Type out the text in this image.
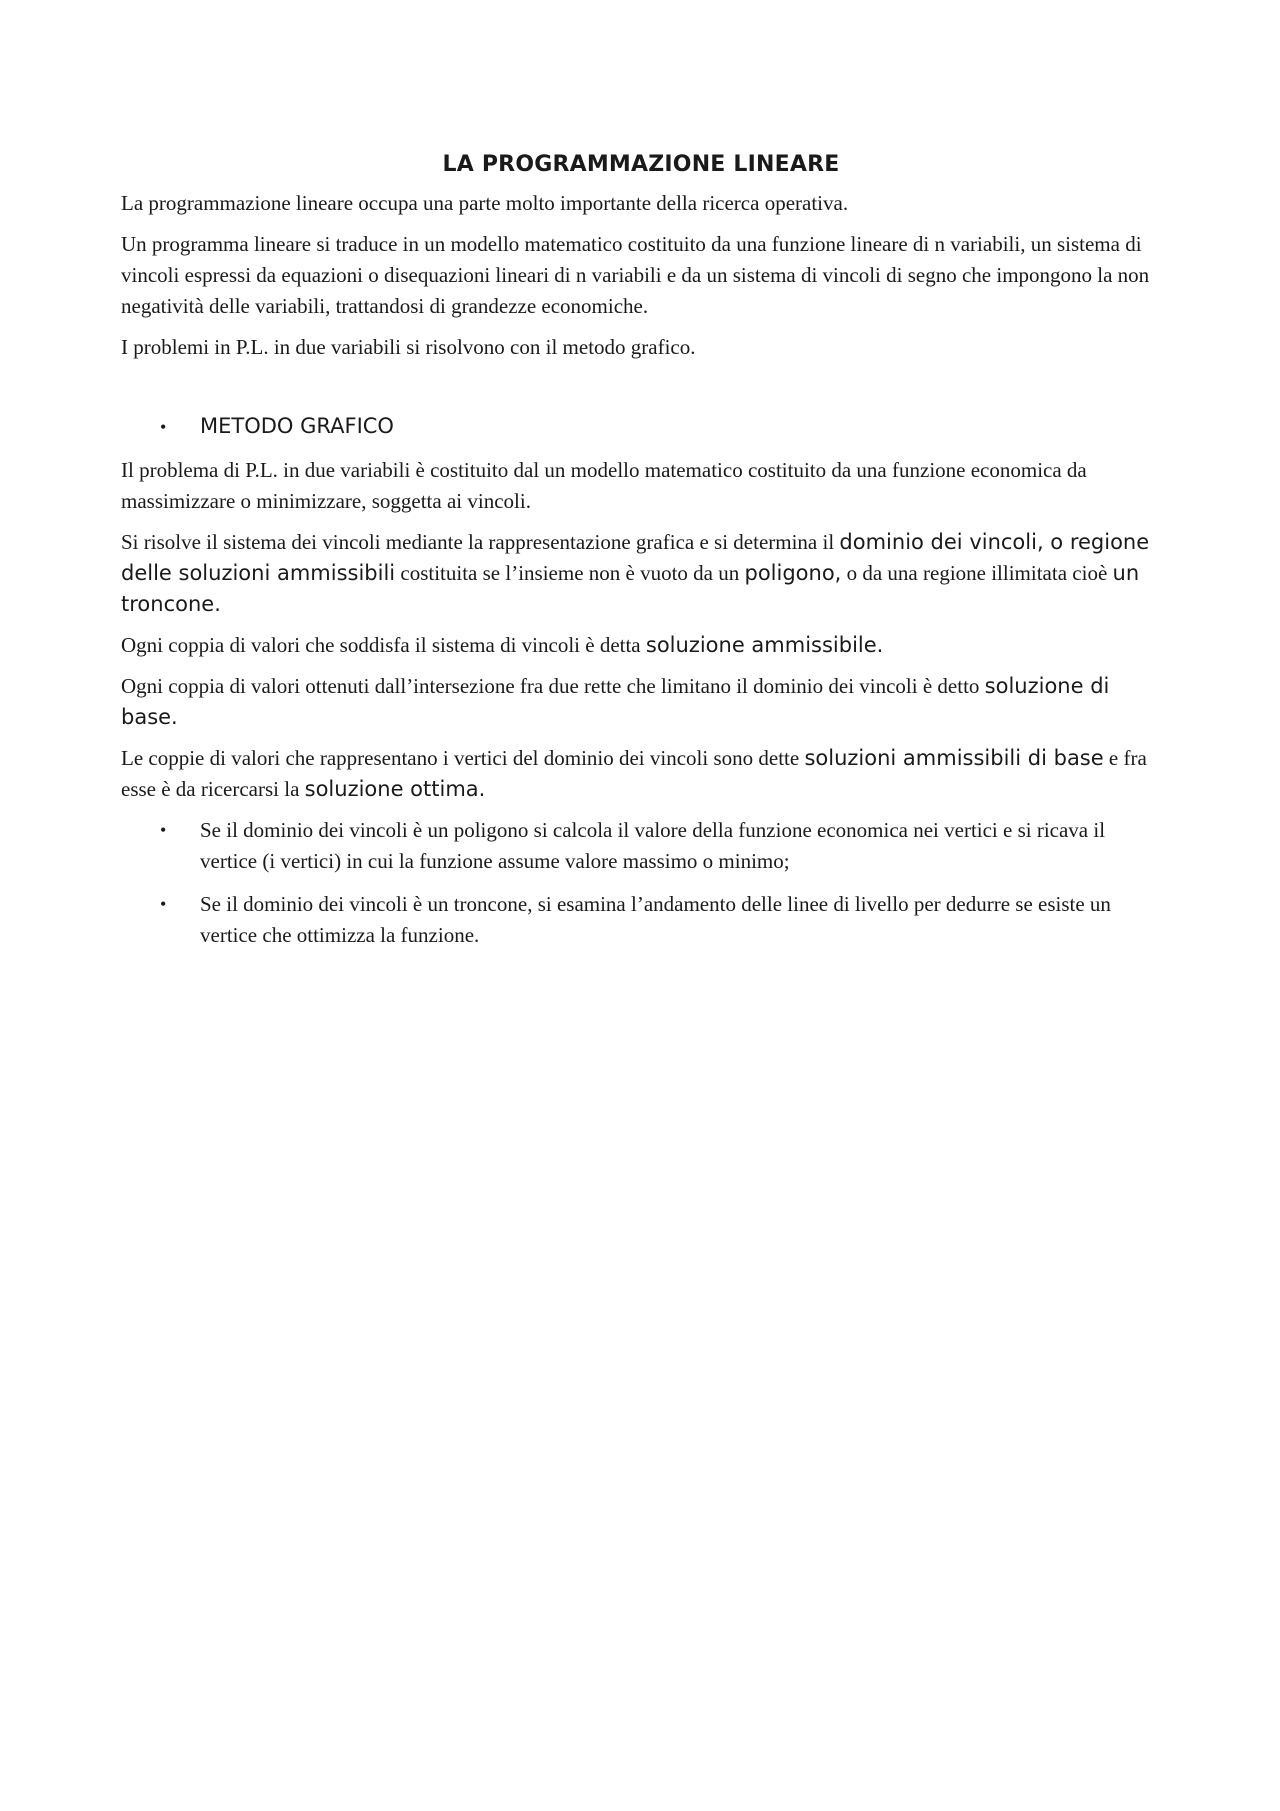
LA PROGRAMMAZIONE LINEARE

La programmazione lineare occupa una parte molto importante della ricerca operativa.

Un programma lineare si traduce in un modello matematico costituito da una funzione lineare di n variabili, un sistema di vincoli espressi da equazioni o disequazioni lineari di n variabili e da un sistema di vincoli di segno che impongono la non negatività delle variabili, trattandosi di grandezze economiche.

I problemi in P.L. in due variabili si risolvono con il metodo grafico.

•	METODO GRAFICO

Il problema di P.L. in due variabili è costituito dal un modello matematico costituito da una funzione economica da massimizzare o minimizzare, soggetta ai vincoli.

Si risolve il sistema dei vincoli mediante la rappresentazione grafica e si determina il dominio dei vincoli, o regione delle soluzioni ammissibili costituita se l’insieme non è vuoto da un poligono, o da una regione illimitata cioè un troncone.

Ogni coppia di valori che soddisfa il sistema di vincoli è detta soluzione ammissibile.

Ogni coppia di valori ottenuti dall’intersezione fra due rette che limitano il dominio dei vincoli è detto soluzione di base.

Le coppie di valori che rappresentano i vertici del dominio dei vincoli sono dette soluzioni ammissibili di base e fra esse è da ricercarsi la soluzione ottima.

• Se il dominio dei vincoli è un poligono si calcola il valore della funzione economica nei vertici e si ricava il vertice (i vertici) in cui la funzione assume valore massimo o minimo;
• Se il dominio dei vincoli è un troncone, si esamina l’andamento delle linee di livello per dedurre se esiste un vertice che ottimizza la funzione.
